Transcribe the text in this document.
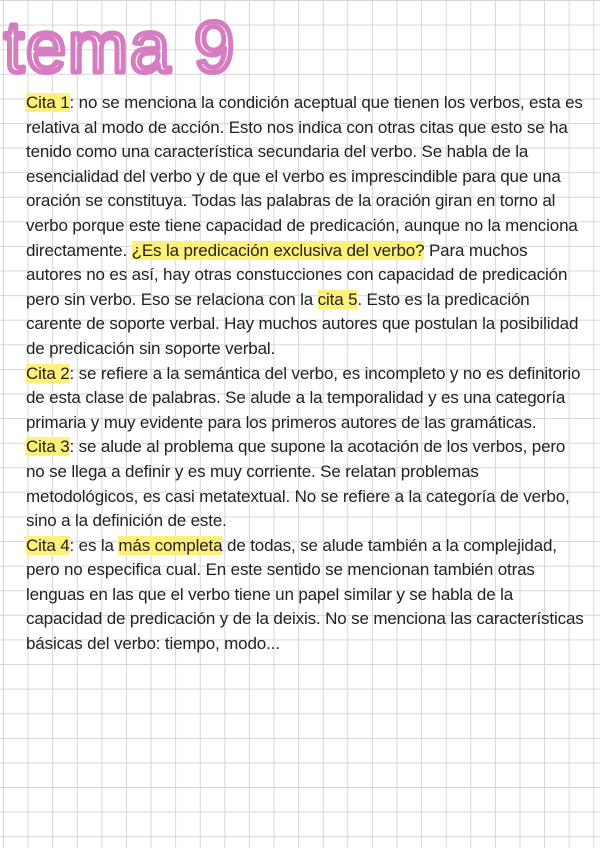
tema 9

Cita 1: no se menciona la condición aceptual que tienen los verbos, esta es relativa al modo de acción. Esto nos indica con otras citas que esto se ha tenido como una característica secundaria del verbo. Se habla de la esencialidad del verbo y de que el verbo es imprescindible para que una oración se constituya. Todas las palabras de la oración giran en torno al verbo porque este tiene capacidad de predicación, aunque no la menciona directamente. ¿Es la predicación exclusiva del verbo? Para muchos autores no es así, hay otras constucciones con capacidad de predicación pero sin verbo. Eso se relaciona con la cita 5. Esto es la predicación carente de soporte verbal. Hay muchos autores que postulan la posibilidad de predicación sin soporte verbal.

Cita 2: se refiere a la semántica del verbo, es incompleto y no es definitorio de esta clase de palabras. Se alude a la temporalidad y es una categoría primaria y muy evidente para los primeros autores de las gramáticas.

Cita 3: se alude al problema que supone la acotación de los verbos, pero no se llega a definir y es muy corriente. Se relatan problemas metodológicos, es casi metatextual. No se refiere a la categoría de verbo, sino a la definición de este.

Cita 4: es la más completa de todas, se alude también a la complejidad, pero no especifica cual. En este sentido se mencionan también otras lenguas en las que el verbo tiene un papel similar y se habla de la capacidad de predicación y de la deixis. No se menciona las características básicas del verbo: tiempo, modo...
